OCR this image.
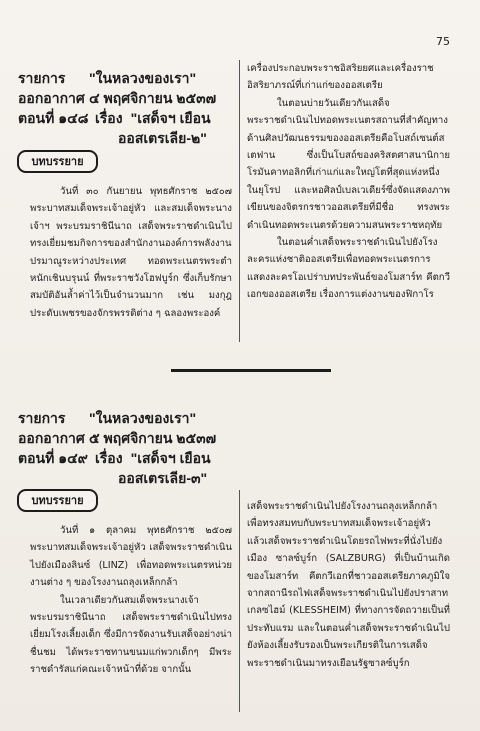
75
รายการ	"ในหลวงของเรา"
ออกอากาศ ๔ พฤศจิกายน ๒๕๓๗
ตอนที่ ๑๔๘ เรื่อง "เสด็จฯ เยือน
ออสเตรเลีย-๒"
บทบรรยาย

วันที่ ๓๐ กันยายน พุทธศักราช ๒๕๐๗ พระบาทสมเด็จพระเจ้าอยู่หัว และสมเด็จพระนางเจ้าฯ พระบรมราชินีนาถ เสด็จพระราชดำเนินไปทรงเยี่ยมชมกิจการของสำนักงานองค์การพลังงานปรมาณูระหว่างประเทศ ทอดพระเนตรพระตำหนักเชินบรุนน์ ที่พระราชวังโฮฟบูร์ก ซึ่งเก็บรักษาสมบัติอันล้ำค่าไว้เป็นจำนวนมาก เช่น มงกุฎประดับเพชรของจักรพรรดิต่าง ๆ ฉลองพระองค์

เครื่องประกอบพระราชอิสริยยศและเครื่องราชอิสริยาภรณ์ที่เก่าแก่ของออสเตรีย

ในตอนบ่ายวันเดียวกันเสด็จพระราชดำเนินไปทอดพระเนตรสถานที่สำคัญทางด้านศิลปวัฒนธรรมของออสเตรียคือโบสถ์เซนต์สเตฟาน ซึ่งเป็นโบสถ์ของคริสตศาสนานิกายโรมันคาทอลิกที่เก่าแก่และใหญ่โตที่สุดแห่งหนึ่งในยุโรป และหอศิลป์เบลเวเดียร์ซึ่งจัดแสดงภาพเขียนของจิตรกรชาวออสเตรียที่มีชื่อ ทรงพระดำเนินทอดพระเนตรด้วยความสนพระราชหฤทัย

ในตอนค่ำเสด็จพระราชดำเนินไปยังโรงละครแห่งชาติออสเตรียเพื่อทอดพระเนตรการแสดงละครโอเปร่าบทประพันธ์ของโมสาร์ท คีตกวีเอกของออสเตรีย เรื่องการแต่งงานของฟิกาโร

รายการ	"ในหลวงของเรา"
ออกอากาศ ๕ พฤศจิกายน ๒๕๓๗
ตอนที่ ๑๔๙ เรื่อง "เสด็จฯ เยือน
ออสเตรเลีย-๓"
บทบรรยาย

วันที่ ๑ ตุลาคม พุทธศักราช ๒๕๐๗ พระบาทสมเด็จพระเจ้าอยู่หัว เสด็จพระราชดำเนินไปยังเมืองลินซ์ (LINZ) เพื่อทอดพระเนตรหน่วยงานต่าง ๆ ของโรงงานถลุงเหล็กกล้า

ในเวลาเดียวกันสมเด็จพระนางเจ้าพระบรมราชินีนาถ เสด็จพระราชดำเนินไปทรงเยี่ยมโรงเลี้ยงเด็ก ซึ่งมีการจัดงานรับเสด็จอย่างน่าชื่นชม ได้พระราชทานขนมแก่พวกเด็กๆ มีพระราชดำรัสแก่คณะเจ้าหน้าที่ด้วย จากนั้น

เสด็จพระราชดำเนินไปยังโรงงานถลุงเหล็กกล้าเพื่อทรงสมทบกับพระบาทสมเด็จพระเจ้าอยู่หัว แล้วเสด็จพระราชดำเนินโดยรถไฟพระที่นั่งไปยังเมือง ซาลซ์บูร์ก (SALZBURG) ที่เป็นบ้านเกิดของโมสาร์ท คีตกวีเอกที่ชาวออสเตรียภาคภูมิใจ จากสถานีรถไฟเสด็จพระราชดำเนินไปยังปราสาท เกลซไฮม์ (KLESSHEIM) ที่ทางการจัดถวายเป็นที่ประทับแรม และในตอนค่ำเสด็จพระราชดำเนินไปยังห้องเลี้ยงรับรองเป็นพระเกียรติในการเสด็จพระราชดำเนินมาทรงเยือนรัฐซาลซ์บูร์ก
